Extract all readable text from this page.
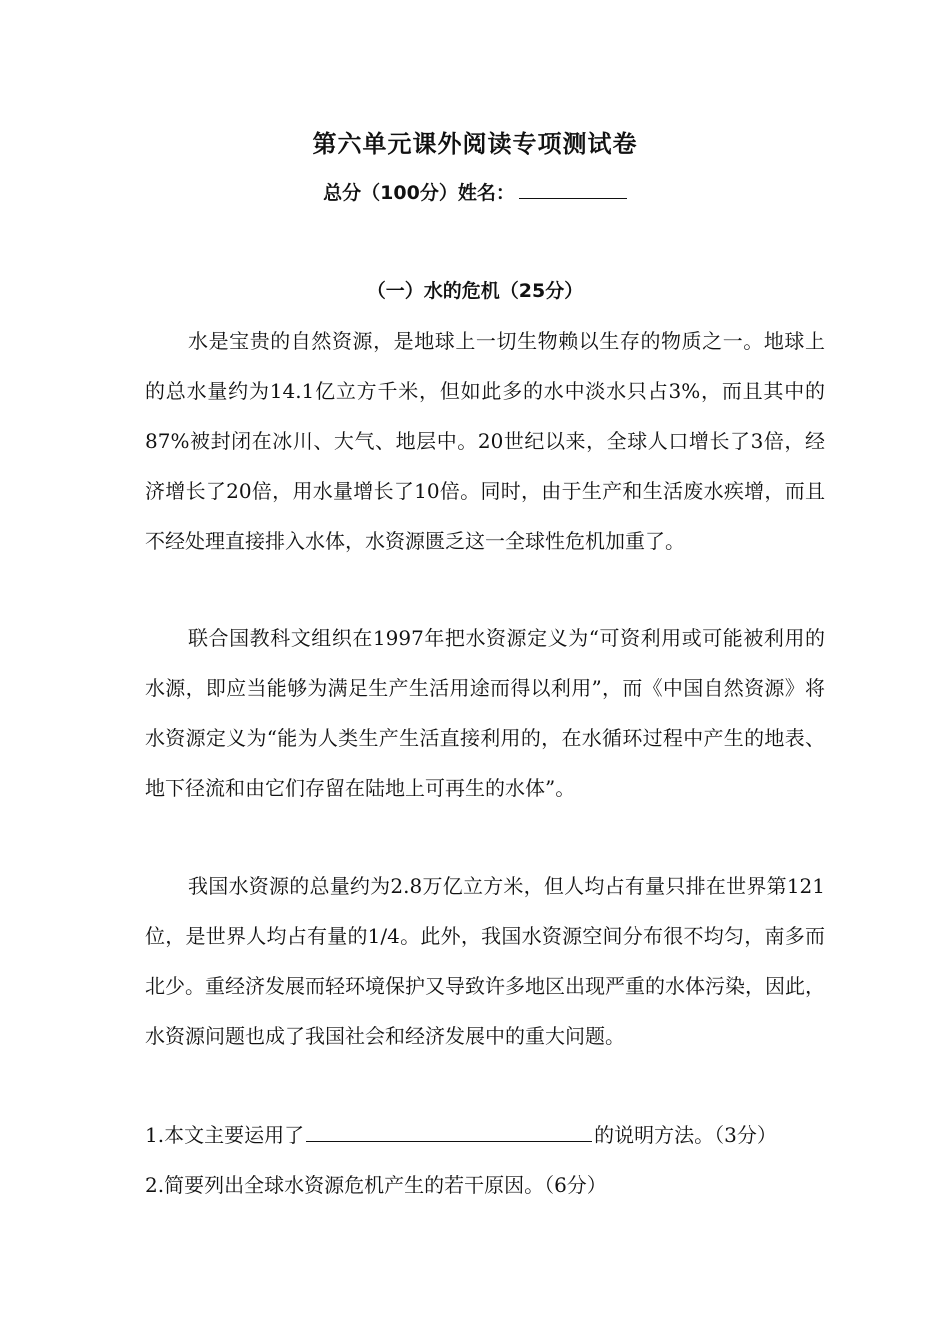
第六单元课外阅读专项测试卷
总分（100分）姓名：
（一）水的危机（25分）

水是宝贵的自然资源，是地球上一切生物赖以生存的物质之一。地球上的总水量约为14.1亿立方千米，但如此多的水中淡水只占3%，而且其中的87%被封闭在冰川、大气、地层中。20世纪以来，全球人口增长了3倍，经济增长了20倍，用水量增长了10倍。同时，由于生产和生活废水疾增，而且不经处理直接排入水体，水资源匮乏这一全球性危机加重了。

联合国教科文组织在1997年把水资源定义为“可资利用或可能被利用的水源，即应当能够为满足生产生活用途而得以利用”，而《中国自然资源》将水资源定义为“能为人类生产生活直接利用的，在水循环过程中产生的地表、地下径流和由它们存留在陆地上可再生的水体”。

我国水资源的总量约为2.8万亿立方米，但人均占有量只排在世界第121位，是世界人均占有量的1/4。此外，我国水资源空间分布很不均匀，南多而北少。重经济发展而轻环境保护又导致许多地区出现严重的水体污染，因此，水资源问题也成了我国社会和经济发展中的重大问题。

1.本文主要运用了	的说明方法。（3分）
2.简要列出全球水资源危机产生的若干原因。（6分）
